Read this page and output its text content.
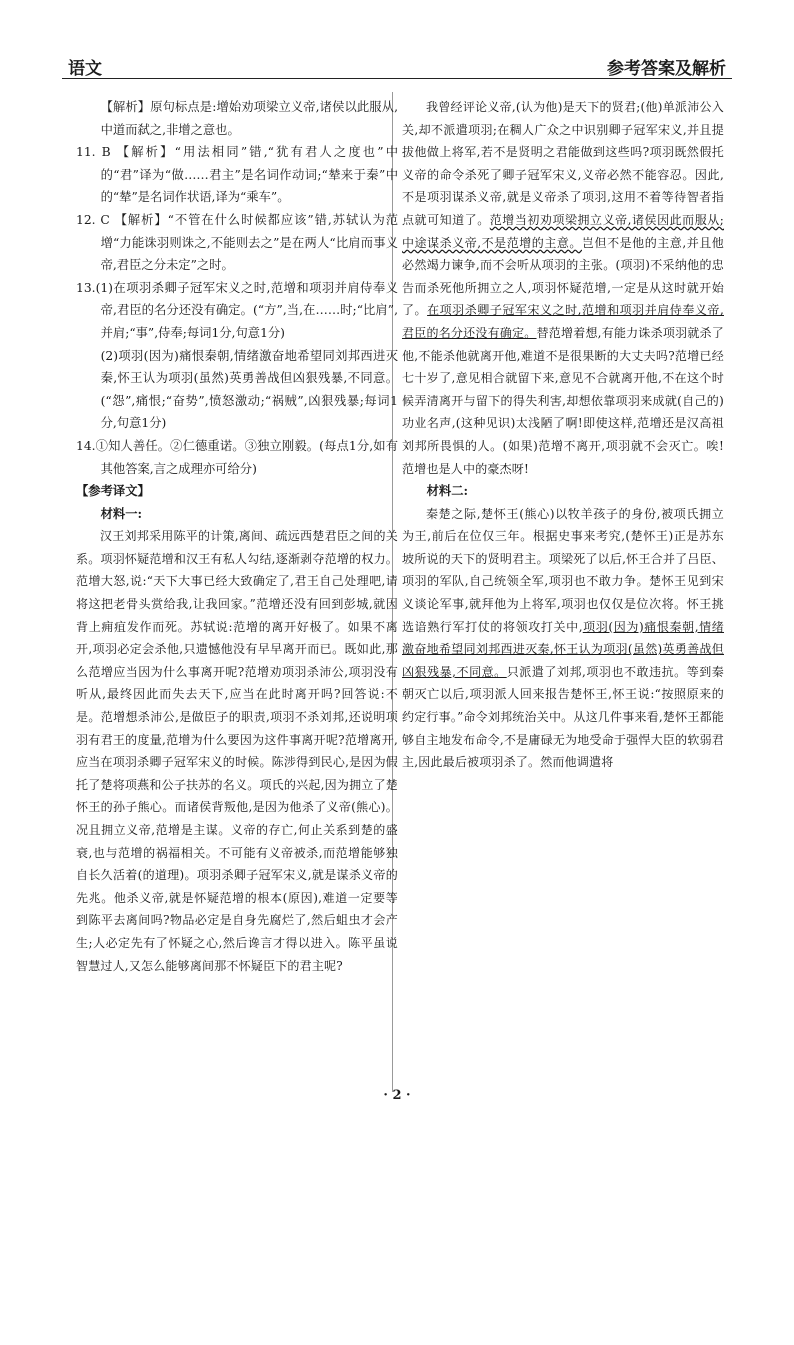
语文	参考答案及解析

【解析】原句标点是:增始劝项梁立义帝,诸侯以此服从,中道而弑之,非增之意也。

11. B 【解析】“用法相同”错,“犹有君人之度也”中的“君”译为“做……君主”是名词作动词;“辇来于秦”中的“辇”是名词作状语,译为“乘车”。

12. C 【解析】“不管在什么时候都应该”错,苏轼认为范增“力能诛羽则诛之,不能则去之”是在两人“比肩而事义帝,君臣之分未定”之时。

13.(1)在项羽杀卿子冠军宋义之时,范增和项羽并肩侍奉义帝,君臣的名分还没有确定。(“方”,当,在……时;“比肩”,并肩;“事”,侍奉;每词1分,句意1分)

(2)项羽(因为)痛恨秦朝,情绪激奋地希望同刘邦西进灭秦,怀王认为项羽(虽然)英勇善战但凶狠残暴,不同意。(“怨”,痛恨;“奋势”,愤怒激动;“祸贼”,凶狠残暴;每词1分,句意1分)

14.①知人善任。②仁德重诺。③独立刚毅。(每点1分,如有其他答案,言之成理亦可给分)

【参考译文】

材料一:

汉王刘邦采用陈平的计策,离间、疏远西楚君臣之间的关系。项羽怀疑范增和汉王有私人勾结,逐渐剥夺范增的权力。范增大怒,说:“天下大事已经大致确定了,君王自己处理吧,请将这把老骨头赏给我,让我回家。”范增还没有回到彭城,就因背上痈疽发作而死。苏轼说:范增的离开好极了。如果不离开,项羽必定会杀他,只遗憾他没有早早离开而已。既如此,那么范增应当因为什么事离开呢?范增劝项羽杀沛公,项羽没有听从,最终因此而失去天下,应当在此时离开吗?回答说:不是。范增想杀沛公,是做臣子的职责,项羽不杀刘邦,还说明项羽有君王的度量,范增为什么要因为这件事离开呢?范增离开,应当在项羽杀卿子冠军宋义的时候。陈涉得到民心,是因为假托了楚将项燕和公子扶苏的名义。项氏的兴起,因为拥立了楚怀王的孙子熊心。而诸侯背叛他,是因为他杀了义帝(熊心)。况且拥立义帝,范增是主谋。义帝的存亡,何止关系到楚的盛衰,也与范增的祸福相关。不可能有义帝被杀,而范增能够独自长久活着(的道理)。项羽杀卿子冠军宋义,就是谋杀义帝的先兆。他杀义帝,就是怀疑范增的根本(原因),难道一定要等到陈平去离间吗?物品必定是自身先腐烂了,然后蛆虫才会产生;人必定先有了怀疑之心,然后谗言才得以进入。陈平虽说智慧过人,又怎么能够离间那不怀疑臣下的君主呢?

我曾经评论义帝,(认为他)是天下的贤君;(他)单派沛公入关,却不派遣项羽;在稠人广众之中识别卿子冠军宋义,并且提拔他做上将军,若不是贤明之君能做到这些吗?项羽既然假托义帝的命令杀死了卿子冠军宋义,义帝必然不能容忍。因此,不是项羽谋杀义帝,就是义帝杀了项羽,这用不着等待智者指点就可知道了。范增当初劝项梁拥立义帝,诸侯因此而服从;中途谋杀义帝,不是范增的主意。岂但不是他的主意,并且他必然竭力谏争,而不会听从项羽的主张。(项羽)不采纳他的忠告而杀死他所拥立之人,项羽怀疑范增,一定是从这时就开始了。在项羽杀卿子冠军宋义之时,范增和项羽并肩侍奉义帝,君臣的名分还没有确定。替范增着想,有能力诛杀项羽就杀了他,不能杀他就离开他,难道不是很果断的大丈夫吗?范增已经七十岁了,意见相合就留下来,意见不合就离开他,不在这个时候弄清离开与留下的得失利害,却想依靠项羽来成就(自己的)功业名声,(这种见识)太浅陋了啊!即使这样,范增还是汉高祖刘邦所畏惧的人。(如果)范增不离开,项羽就不会灭亡。唉!范增也是人中的豪杰呀!

材料二:

秦楚之际,楚怀王(熊心)以牧羊孩子的身份,被项氏拥立为王,前后在位仅三年。根据史事来考究,(楚怀王)正是苏东坡所说的天下的贤明君主。项梁死了以后,怀王合并了吕臣、项羽的军队,自己统领全军,项羽也不敢力争。楚怀王见到宋义谈论军事,就拜他为上将军,项羽也仅仅是位次将。怀王挑选谙熟行军打仗的将领攻打关中,项羽(因为)痛恨秦朝,情绪激奋地希望同刘邦西进灭秦,怀王认为项羽(虽然)英勇善战但凶狠残暴,不同意。只派遣了刘邦,项羽也不敢违抗。等到秦朝灭亡以后,项羽派人回来报告楚怀王,怀王说:“按照原来的约定行事。”命令刘邦统治关中。从这几件事来看,楚怀王都能够自主地发布命令,不是庸碌无为地受命于强悍大臣的软弱君主,因此最后被项羽杀了。然而他调遣将

· 2 ·
